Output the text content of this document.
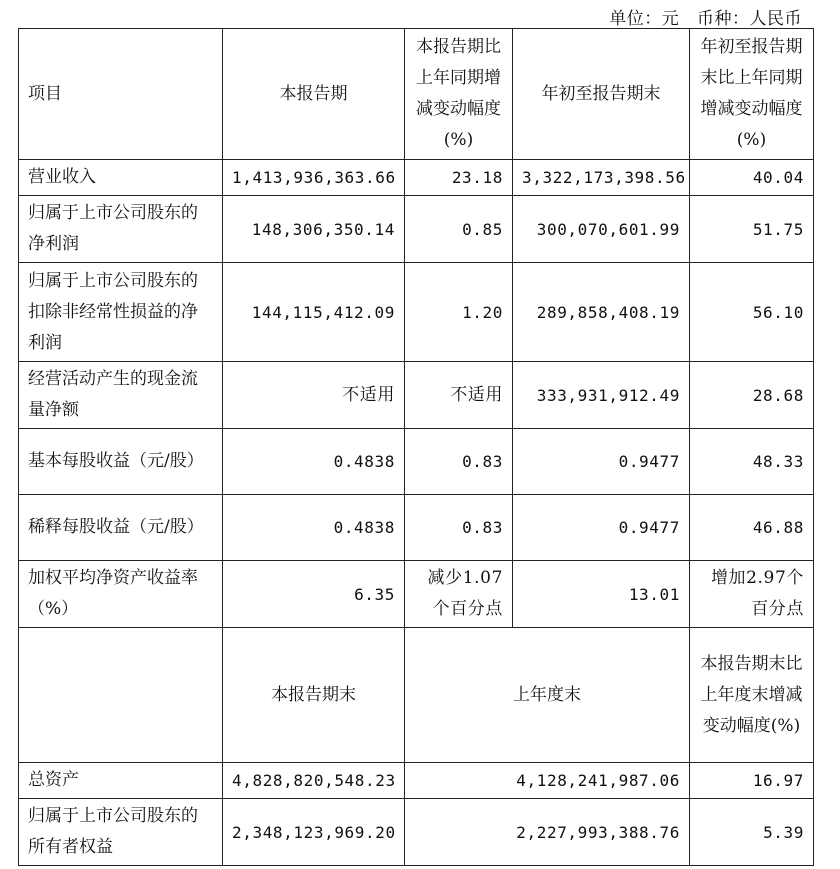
单位：元   币种：人民币
项目	本报告期	本报告期比上年同期增减变动幅度(%)	年初至报告期末	年初至报告期末比上年同期增减变动幅度(%)
营业收入	1,413,936,363.66	23.18	3,322,173,398.56	40.04
归属于上市公司股东的净利润	148,306,350.14	0.85	300,070,601.99	51.75
归属于上市公司股东的扣除非经常性损益的净利润	144,115,412.09	1.20	289,858,408.19	56.10
经营活动产生的现金流量净额	不适用	不适用	333,931,912.49	28.68
基本每股收益（元/股）	0.4838	0.83	0.9477	48.33
稀释每股收益（元/股）	0.4838	0.83	0.9477	46.88
加权平均净资产收益率（%）	6.35	减少1.07个百分点	13.01	增加2.97个百分点
	本报告期末	上年度末		本报告期末比上年度末增减变动幅度(%)
总资产	4,828,820,548.23	4,128,241,987.06		16.97
归属于上市公司股东的所有者权益	2,348,123,969.20	2,227,993,388.76		5.39
